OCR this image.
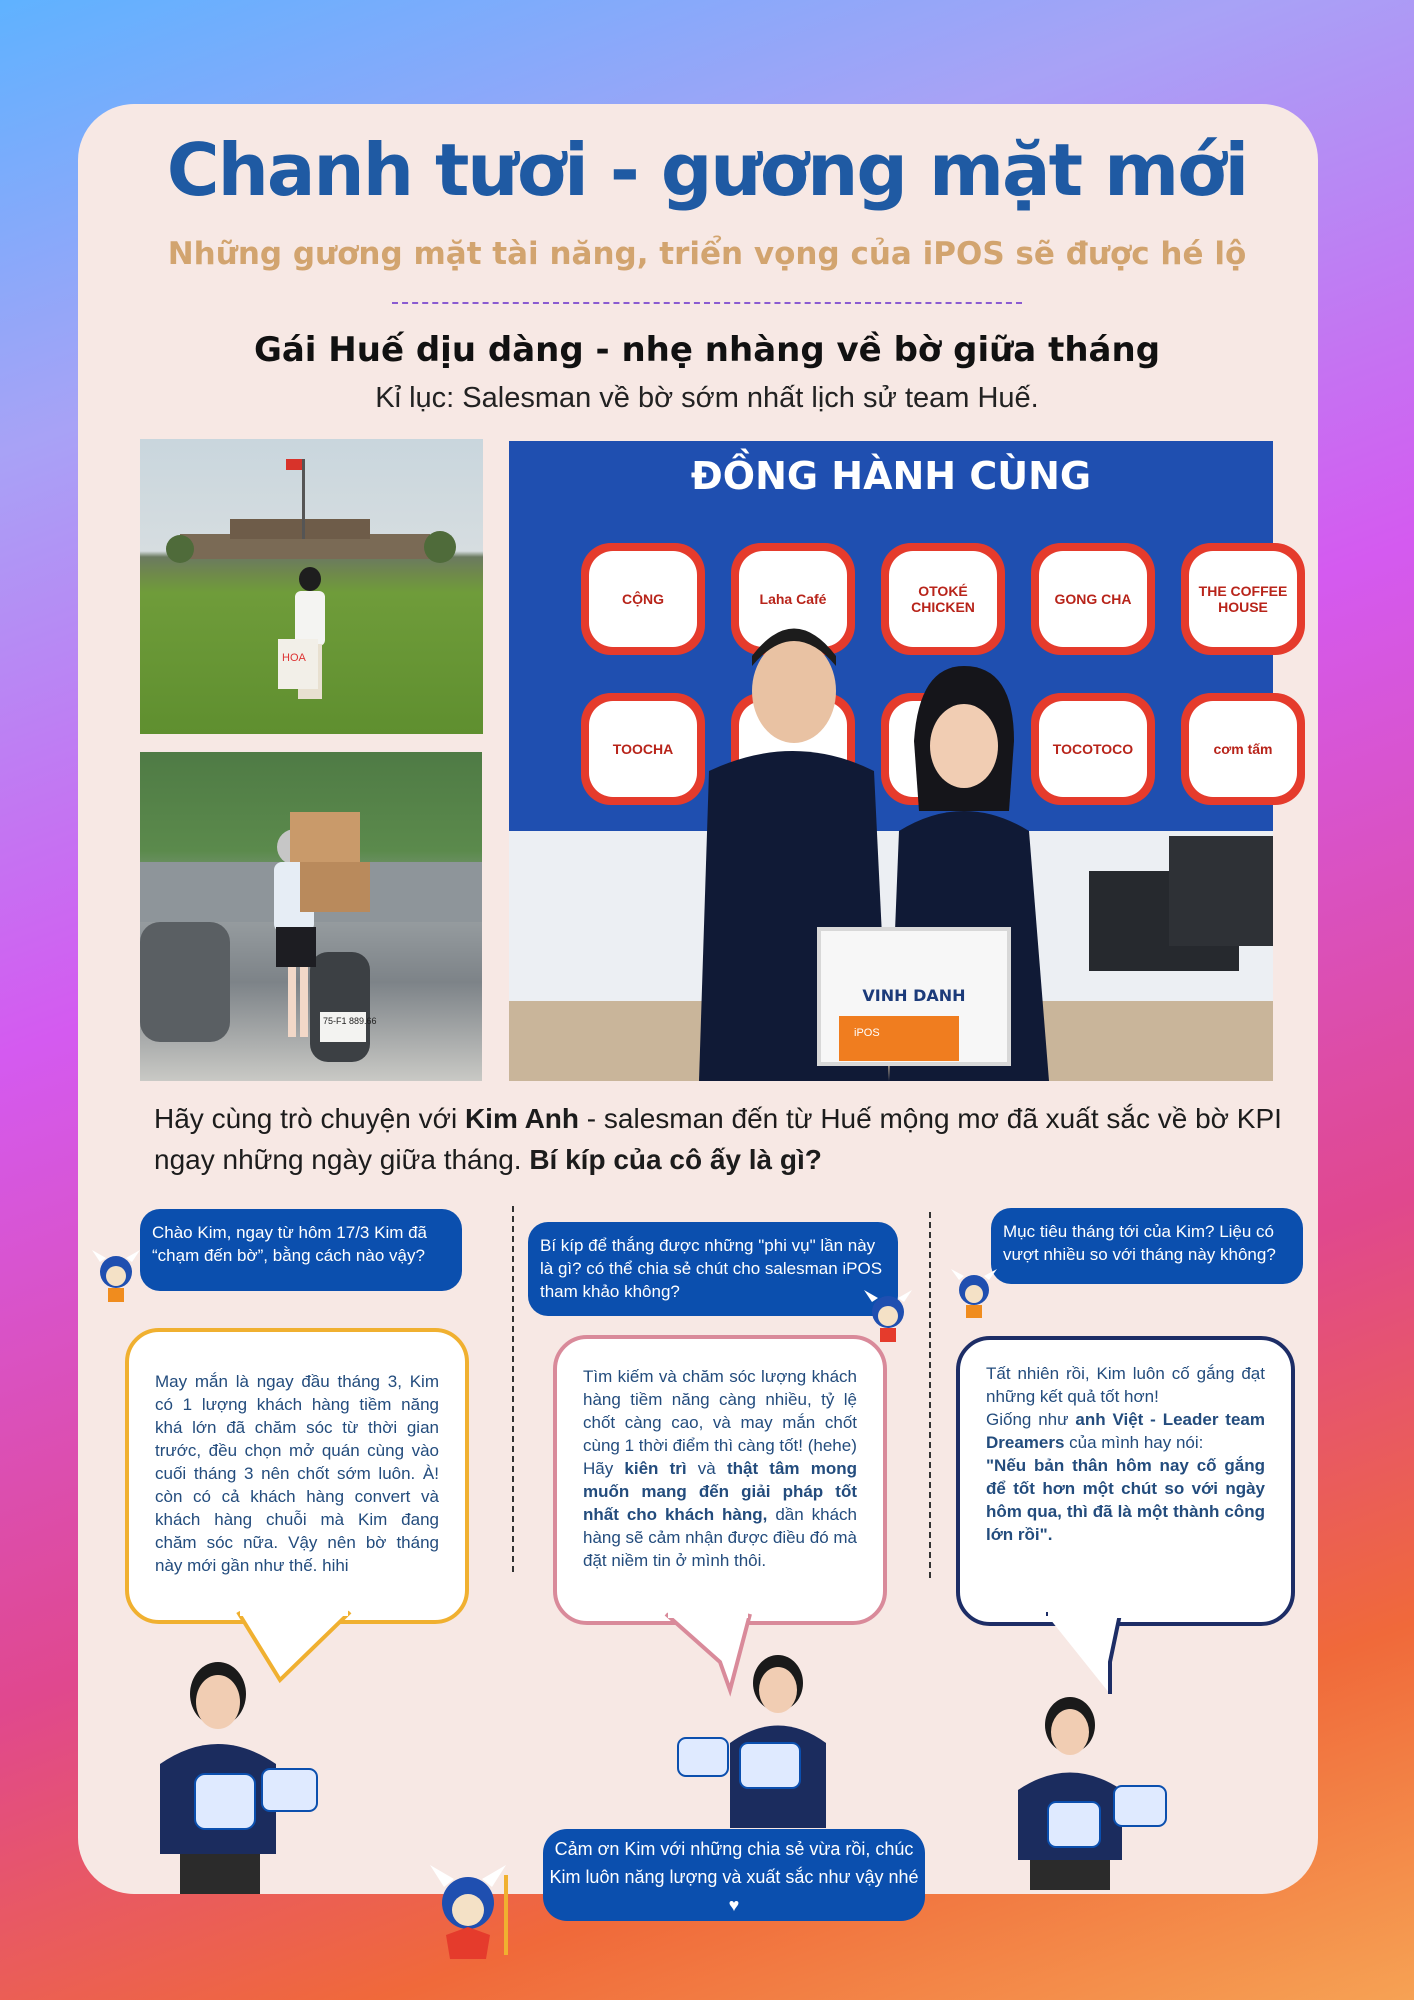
Chanh tươi - gương mặt mới
Những gương mặt tài năng, triển vọng của iPOS sẽ được hé lộ
Gái Huế dịu dàng - nhẹ nhàng về bờ giữa tháng
Kỉ lục: Salesman về bờ sớm nhất lịch sử team Huế.
HOA
75-F1 889.66
ĐỒNG HÀNH CÙNG
CỘNG	Laha Café	OTOKÉ CHICKEN	GONG CHA	THE COFFEE HOUSE
TOOCHA	TOCOTOCO	cơm tấm
VINH DANH
iPOS
Hãy cùng trò chuyện với Kim Anh - salesman đến từ Huế mộng mơ đã xuất sắc về bờ KPI ngay những ngày giữa tháng. Bí kíp của cô ấy là gì?
Chào Kim, ngay từ hôm 17/3 Kim đã “chạm đến bờ”, bằng cách nào vậy?
May mắn là ngay đầu tháng 3, Kim có 1 lượng khách hàng tiềm năng khá lớn đã chăm sóc từ thời gian trước, đều chọn mở quán cùng vào cuối tháng 3 nên chốt sớm luôn. À! còn có cả khách hàng convert và khách hàng chuỗi mà Kim đang chăm sóc nữa. Vậy nên bờ tháng này mới gần như thế. hihi
Bí kíp để thắng được những "phi vụ" lần này là gì? có thể chia sẻ chút cho salesman iPOS tham khảo không?
Tìm kiếm và chăm sóc lượng khách hàng tiềm năng càng nhiều, tỷ lệ chốt càng cao, và may mắn chốt cùng 1 thời điểm thì càng tốt! (hehe)
Hãy kiên trì và thật tâm mong muốn mang đến giải pháp tốt nhất cho khách hàng, dần khách hàng sẽ cảm nhận được điều đó mà đặt niềm tin ở mình thôi.
Mục tiêu tháng tới của Kim? Liệu có vượt nhiều so với tháng này không?
Tất nhiên rồi, Kim luôn cố gắng đạt những kết quả tốt hơn!
Giống như anh Việt - Leader team Dreamers của mình hay nói:
"Nếu bản thân hôm nay cố gắng để tốt hơn một chút so với ngày hôm qua, thì đã là một thành công lớn rồi".
Cảm ơn Kim với những chia sẻ vừa rồi, chúc Kim luôn năng lượng và xuất sắc như vậy nhé ♥
